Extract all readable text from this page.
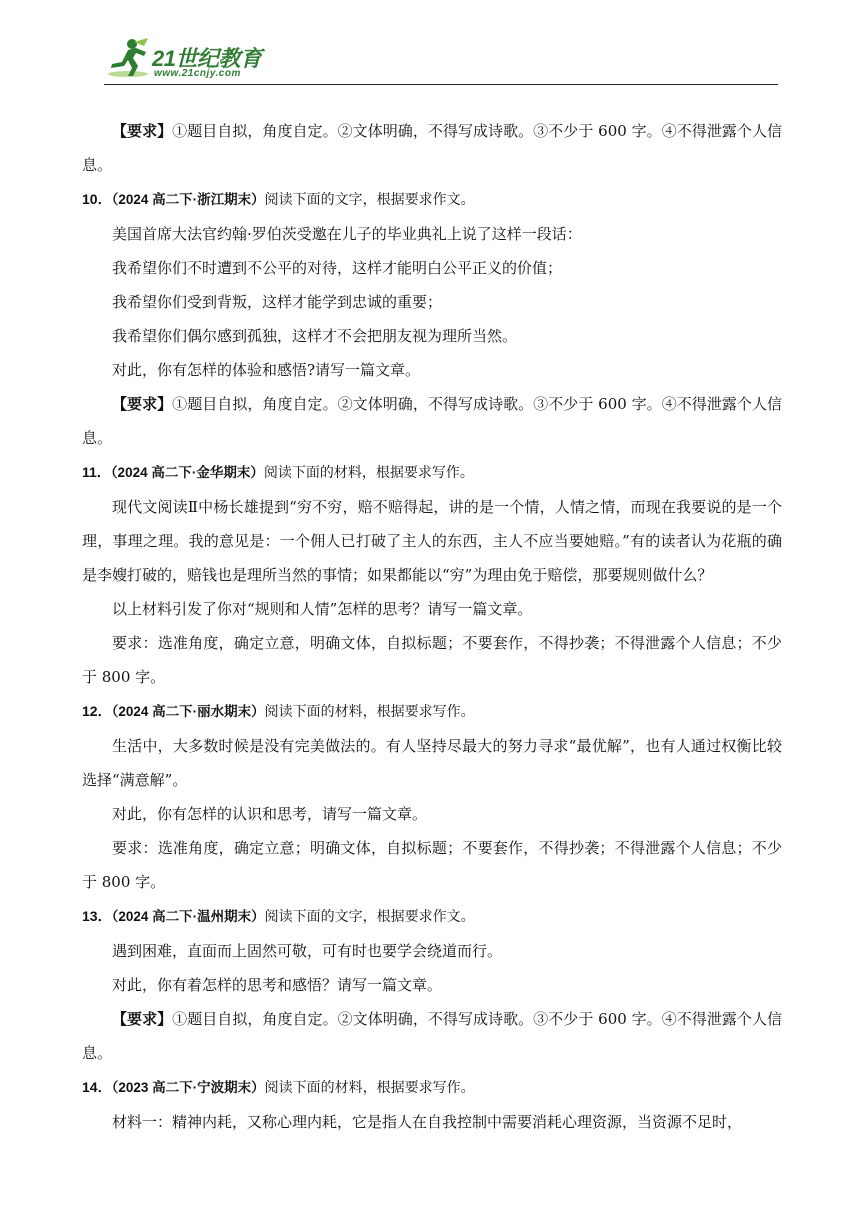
21世纪教育
www.21cnjy.com

【要求】①题目自拟，角度自定。②文体明确，不得写成诗歌。③不少于 600 字。④不得泄露个人信息。

10．（2024 高二下·浙江期末）阅读下面的文字，根据要求作文。

美国首席大法官约翰·罗伯茨受邀在儿子的毕业典礼上说了这样一段话：

我希望你们不时遭到不公平的对待，这样才能明白公平正义的价值；

我希望你们受到背叛，这样才能学到忠诚的重要；

我希望你们偶尔感到孤独，这样才不会把朋友视为理所当然。

对此，你有怎样的体验和感悟?请写一篇文章。

【要求】①题目自拟，角度自定。②文体明确，不得写成诗歌。③不少于 600 字。④不得泄露个人信息。

11．（2024 高二下·金华期末）阅读下面的材料，根据要求写作。

现代文阅读Ⅱ中杨长雄提到“穷不穷，赔不赔得起，讲的是一个情，人情之情，而现在我要说的是一个理，事理之理。我的意见是：一个佣人已打破了主人的东西，主人不应当要她赔。”有的读者认为花瓶的确是李嫂打破的，赔钱也是理所当然的事情；如果都能以“穷”为理由免于赔偿，那要规则做什么？

以上材料引发了你对“规则和人情”怎样的思考？请写一篇文章。

要求：选准角度，确定立意，明确文体，自拟标题；不要套作，不得抄袭；不得泄露个人信息；不少于 800 字。

12．（2024 高二下·丽水期末）阅读下面的材料，根据要求写作。

生活中，大多数时候是没有完美做法的。有人坚持尽最大的努力寻求“最优解”，也有人通过权衡比较选择“满意解”。

对此，你有怎样的认识和思考，请写一篇文章。

要求：选准角度，确定立意；明确文体，自拟标题；不要套作，不得抄袭；不得泄露个人信息；不少于 800 字。

13．（2024 高二下·温州期末）阅读下面的文字，根据要求作文。

遇到困难，直面而上固然可敬，可有时也要学会绕道而行。

对此，你有着怎样的思考和感悟？请写一篇文章。

【要求】①题目自拟，角度自定。②文体明确，不得写成诗歌。③不少于 600 字。④不得泄露个人信息。

14．（2023 高二下·宁波期末）阅读下面的材料，根据要求写作。

材料一：精神内耗，又称心理内耗，它是指人在自我控制中需要消耗心理资源，当资源不足时，
